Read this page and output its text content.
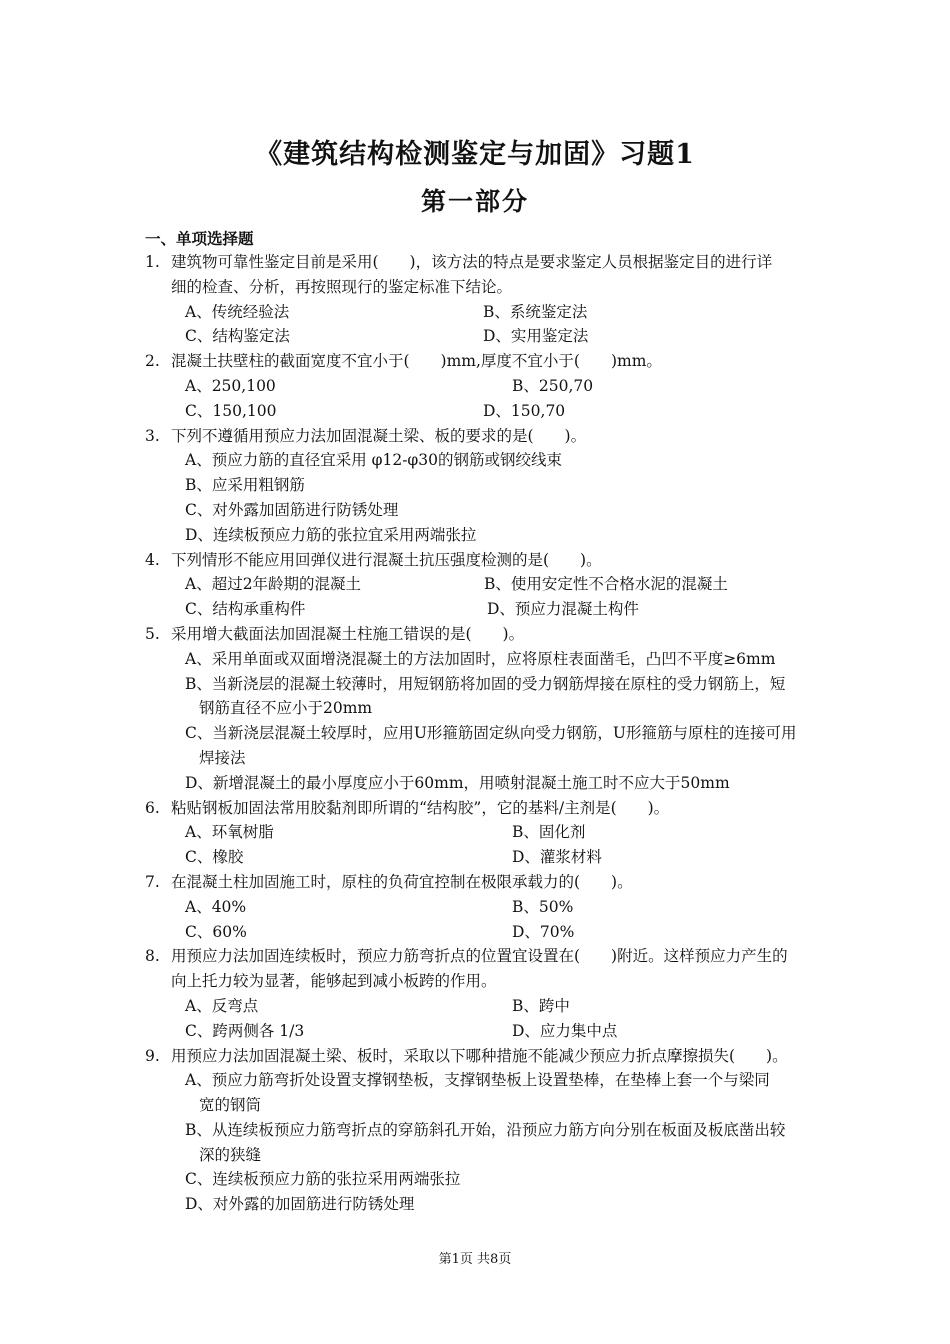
《建筑结构检测鉴定与加固》习题1
第一部分
一、单项选择题
1. 建筑物可靠性鉴定目前是采用(　　)，该方法的特点是要求鉴定人员根据鉴定目的进行详
细的检查、分析，再按照现行的鉴定标准下结论。
A、传统经验法	B、系统鉴定法
C、结构鉴定法	D、实用鉴定法
2. 混凝土扶壁柱的截面宽度不宜小于(　　)mm,厚度不宜小于(　　)mm。
A、250,100	B、250,70
C、150,100	D、150,70
3. 下列不遵循用预应力法加固混凝土梁、板的要求的是(　　)。
A、预应力筋的直径宜采用 φ12-φ30的钢筋或钢绞线束
B、应采用粗钢筋
C、对外露加固筋进行防锈处理
D、连续板预应力筋的张拉宜采用两端张拉
4. 下列情形不能应用回弹仪进行混凝土抗压强度检测的是(　　)。
A、超过2年龄期的混凝土	B、使用安定性不合格水泥的混凝土
C、结构承重构件	D、预应力混凝土构件
5. 采用增大截面法加固混凝土柱施工错误的是(　　)。
A、采用单面或双面增浇混凝土的方法加固时，应将原柱表面凿毛，凸凹不平度≥6mm
B、当新浇层的混凝土较薄时，用短钢筋将加固的受力钢筋焊接在原柱的受力钢筋上，短
钢筋直径不应小于20mm
C、当新浇层混凝土较厚时，应用U形箍筋固定纵向受力钢筋，U形箍筋与原柱的连接可用
焊接法
D、新增混凝土的最小厚度应小于60mm，用喷射混凝土施工时不应大于50mm
6. 粘贴钢板加固法常用胶黏剂即所谓的“结构胶”，它的基料/主剂是(　　)。
A、环氧树脂	B、固化剂
C、橡胶	D、灌浆材料
7. 在混凝土柱加固施工时，原柱的负荷宜控制在极限承载力的(　　)。
A、40%	B、50%
C、60%	D、70%
8. 用预应力法加固连续板时，预应力筋弯折点的位置宜设置在(　　)附近。这样预应力产生的
向上托力较为显著，能够起到减小板跨的作用。
A、反弯点	B、跨中
C、跨两侧各 1/3	D、应力集中点
9. 用预应力法加固混凝土梁、板时，采取以下哪种措施不能减少预应力折点摩擦损失(　　)。
A、预应力筋弯折处设置支撑钢垫板，支撑钢垫板上设置垫棒，在垫棒上套一个与梁同
宽的钢筒
B、从连续板预应力筋弯折点的穿筋斜孔开始，沿预应力筋方向分别在板面及板底凿出较
深的狭缝
C、连续板预应力筋的张拉采用两端张拉
D、对外露的加固筋进行防锈处理
第1页 共8页
